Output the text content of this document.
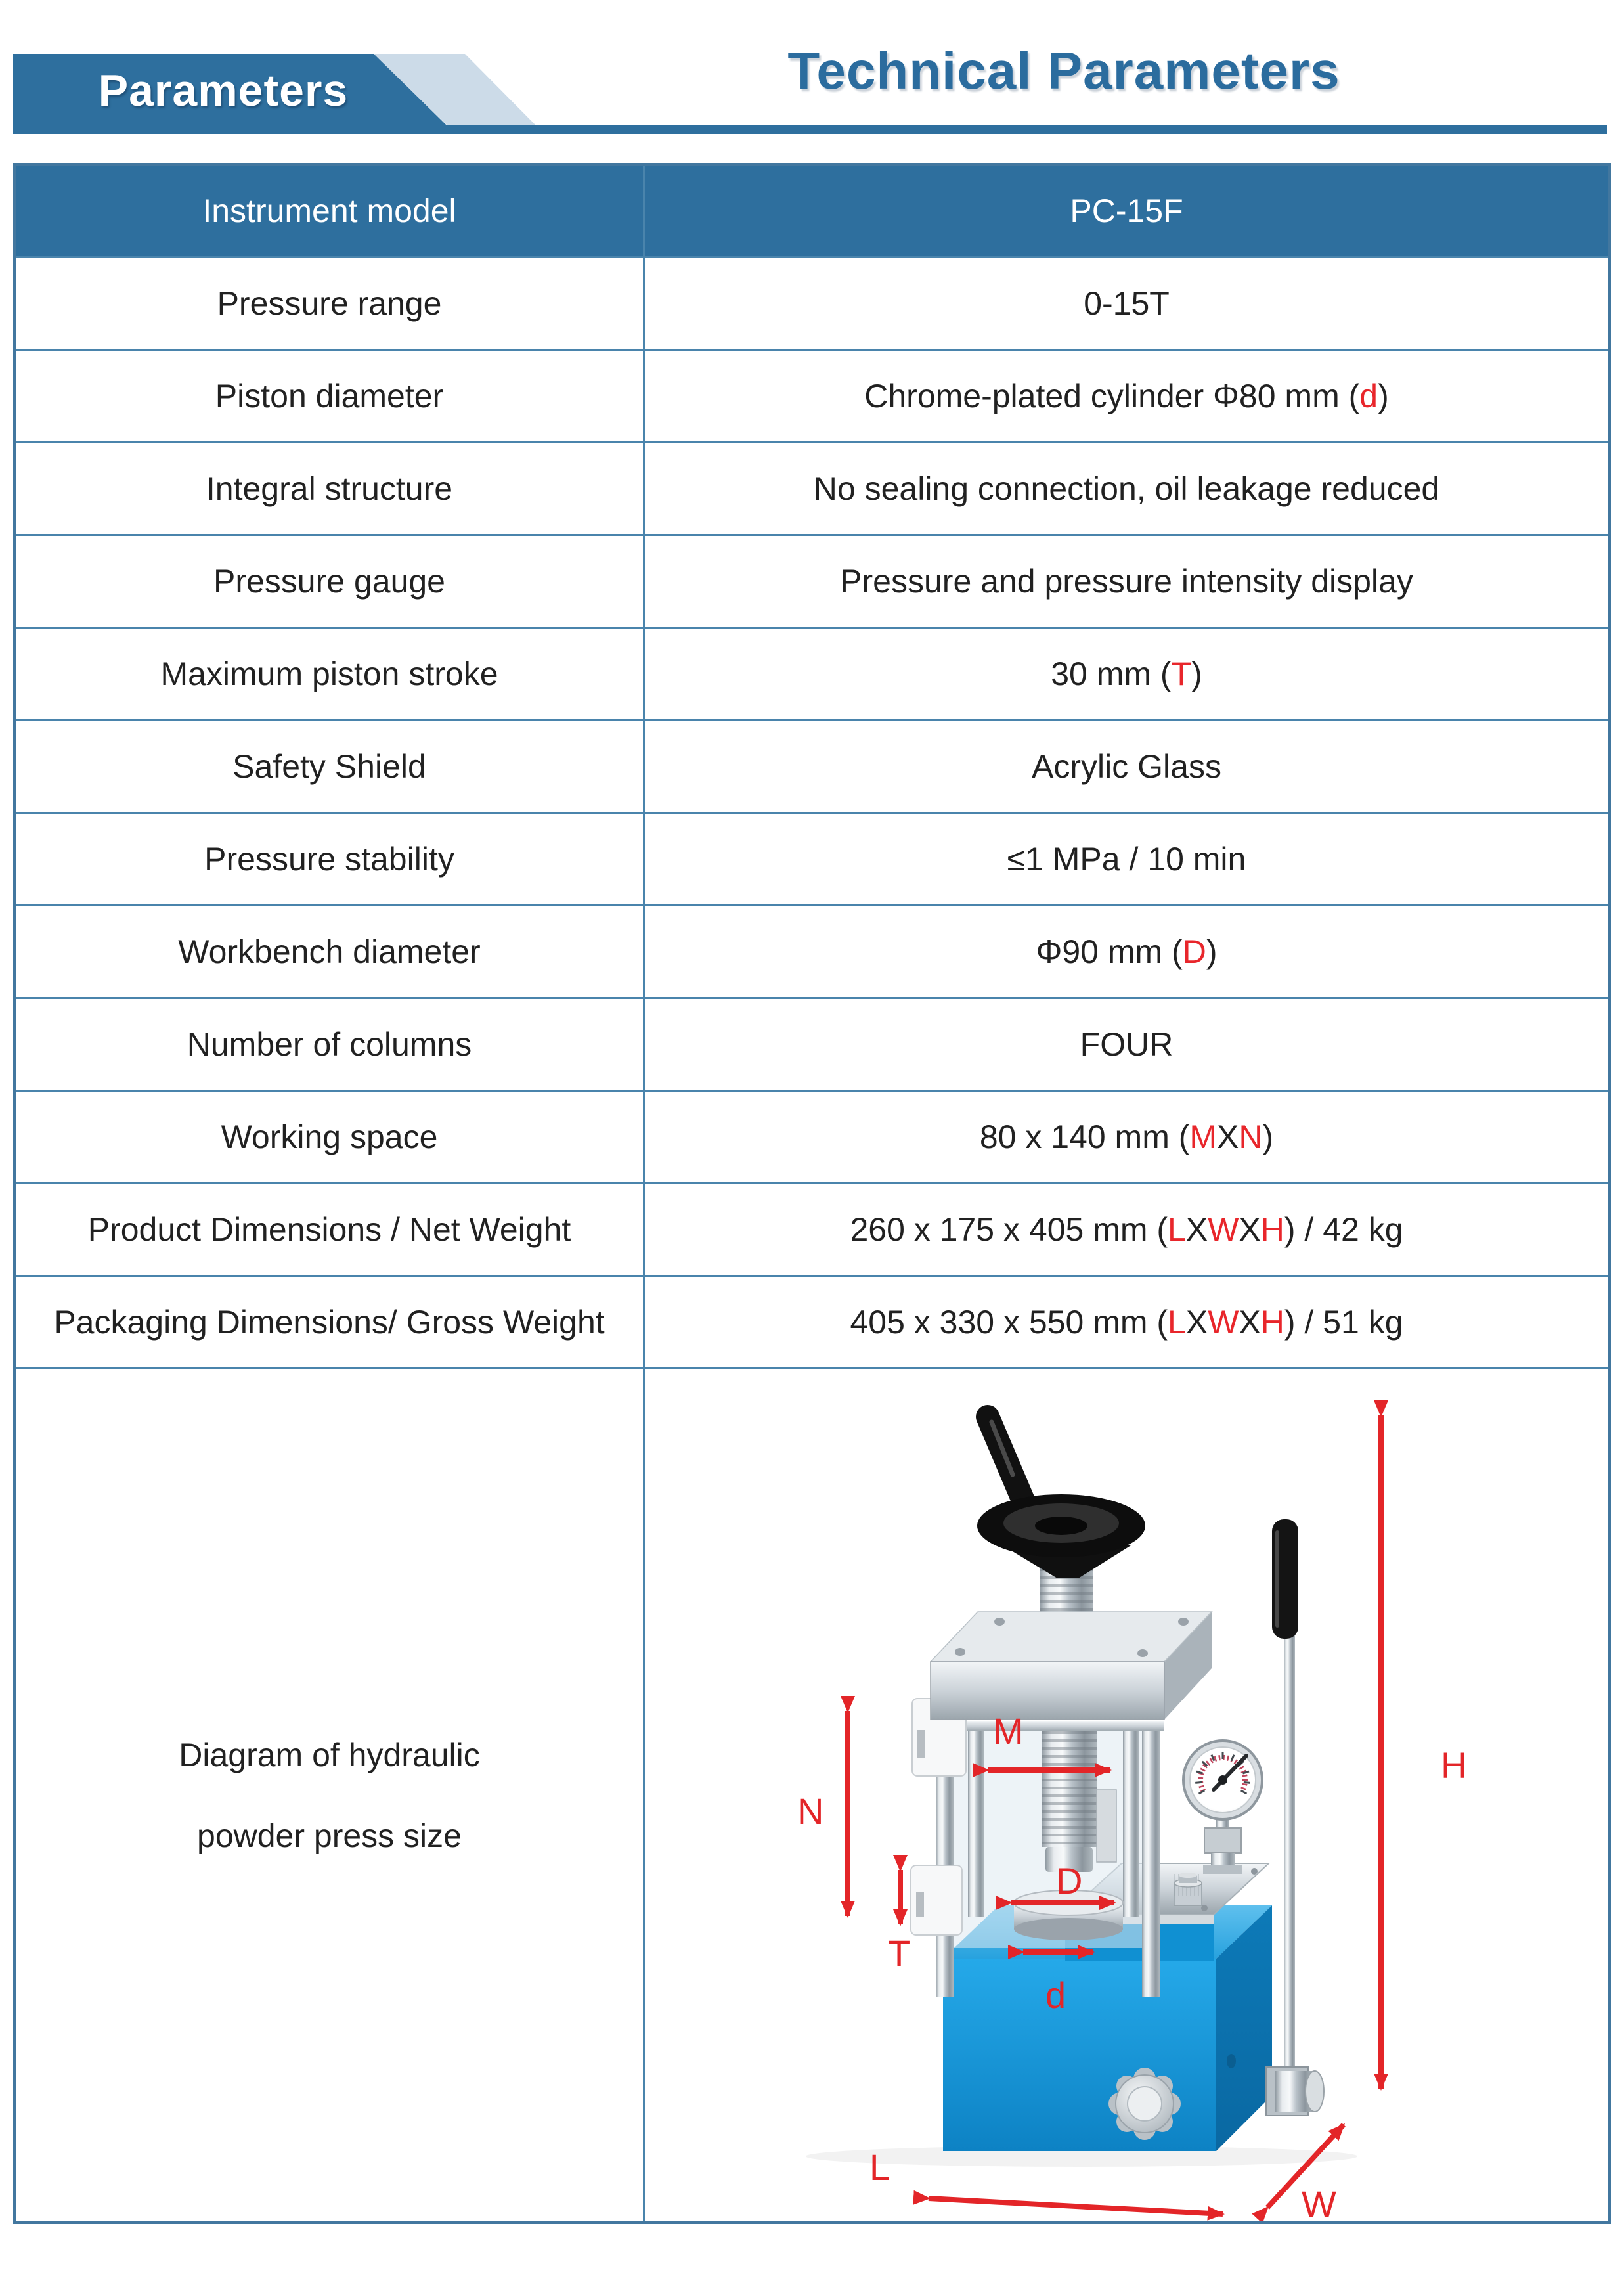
Parameters	Technical Parameters
Instrument model	PC-15F
Pressure range	0-15T
Piston diameter	Chrome-plated cylinder Φ80 mm ( d )
Integral structure	No sealing connection, oil leakage reduced
Pressure gauge	Pressure and pressure intensity display
Maximum piston stroke	30 mm ( T )
Safety Shield	Acrylic Glass
Pressure stability	≤1 MPa / 10 min
Workbench diameter	Φ90 mm ( D )
Number of columns	FOUR
Working space	80 x 140 mm ( M X N )
Product Dimensions / Net Weight	260 x 175 x 405 mm ( L X W X H ) / 42 kg
Packaging Dimensions/ Gross Weight	405 x 330 x 550 mm ( L X W X H ) / 51 kg
Diagram of hydraulic
powder press size
H
N
T
M
D
d
L
W
